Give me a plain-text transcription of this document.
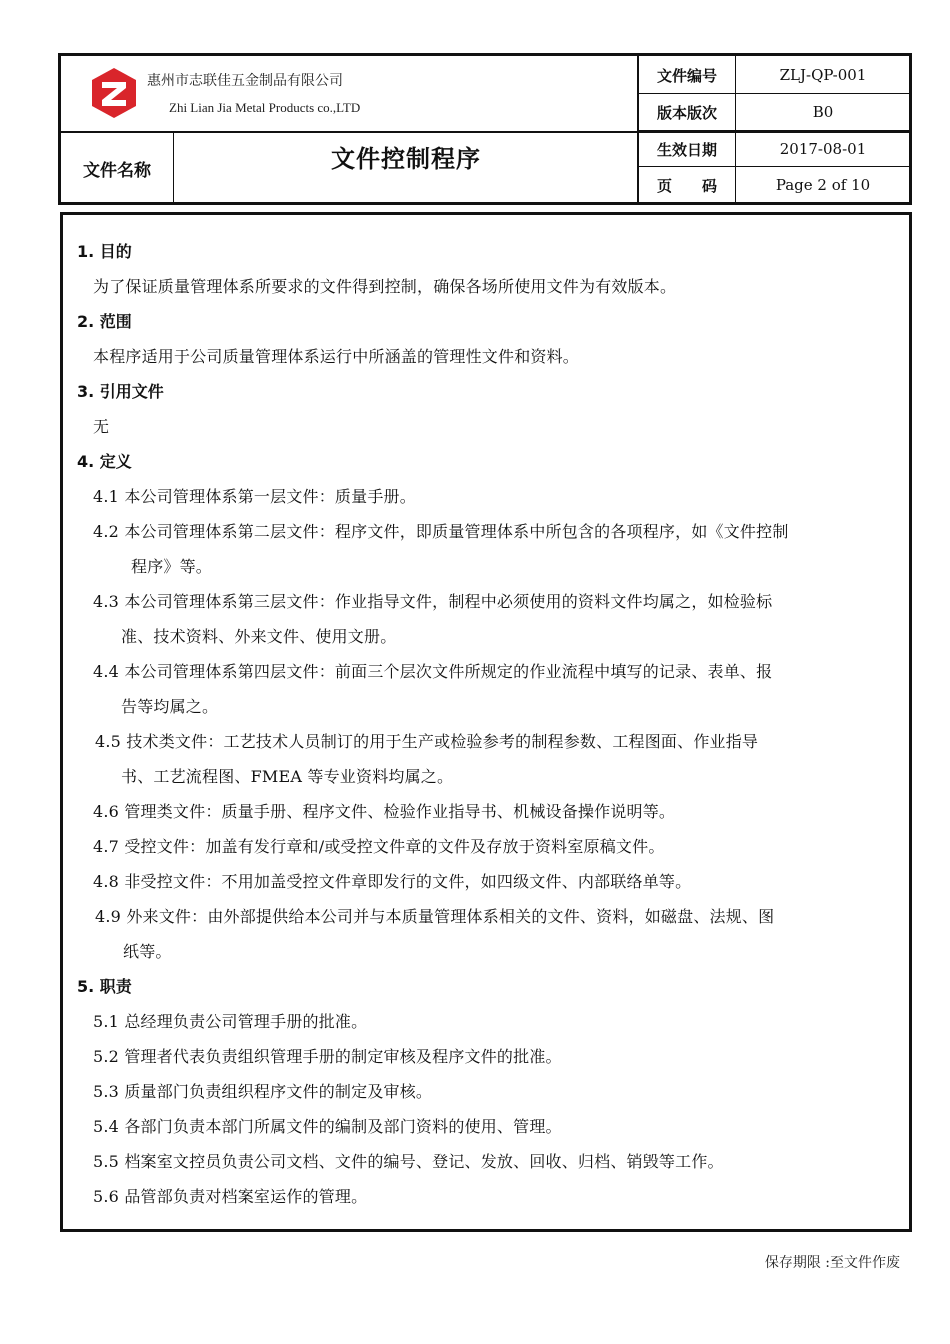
惠州市志联佳五金制品有限公司
Zhi Lian Jia Metal Products co.,LTD
文件名称	文件控制程序
文件编号	ZLJ-QP-001
版本版次	B0
生效日期	2017-08-01
页　　码	Page 2 of 10
1. 目的
为了保证质量管理体系所要求的文件得到控制，确保各场所使用文件为有效版本。
2. 范围
本程序适用于公司质量管理体系运行中所涵盖的管理性文件和资料。
3. 引用文件
无
4. 定义
4.1 本公司管理体系第一层文件：质量手册。
4.2 本公司管理体系第二层文件：程序文件，即质量管理体系中所包含的各项程序，如《文件控制
程序》等。
4.3 本公司管理体系第三层文件：作业指导文件，制程中必须使用的资料文件均属之，如检验标
准、技术资料、外来文件、使用文册。
4.4 本公司管理体系第四层文件：前面三个层次文件所规定的作业流程中填写的记录、表单、报
告等均属之。
4.5 技术类文件：工艺技术人员制订的用于生产或检验参考的制程参数、工程图面、作业指导
书、工艺流程图、FMEA 等专业资料均属之。
4.6 管理类文件：质量手册、程序文件、检验作业指导书、机械设备操作说明等。
4.7 受控文件：加盖有发行章和/或受控文件章的文件及存放于资料室原稿文件。
4.8 非受控文件：不用加盖受控文件章即发行的文件，如四级文件、内部联络单等。
4.9 外来文件：由外部提供给本公司并与本质量管理体系相关的文件、资料，如磁盘、法规、图
纸等。
5. 职责
5.1 总经理负责公司管理手册的批准。
5.2 管理者代表负责组织管理手册的制定审核及程序文件的批准。
5.3 质量部门负责组织程序文件的制定及审核。
5.4 各部门负责本部门所属文件的编制及部门资料的使用、管理。
5.5 档案室文控员负责公司文档、文件的编号、登记、发放、回收、归档、销毁等工作。
5.6 品管部负责对档案室运作的管理。
保存期限 :至文件作废
